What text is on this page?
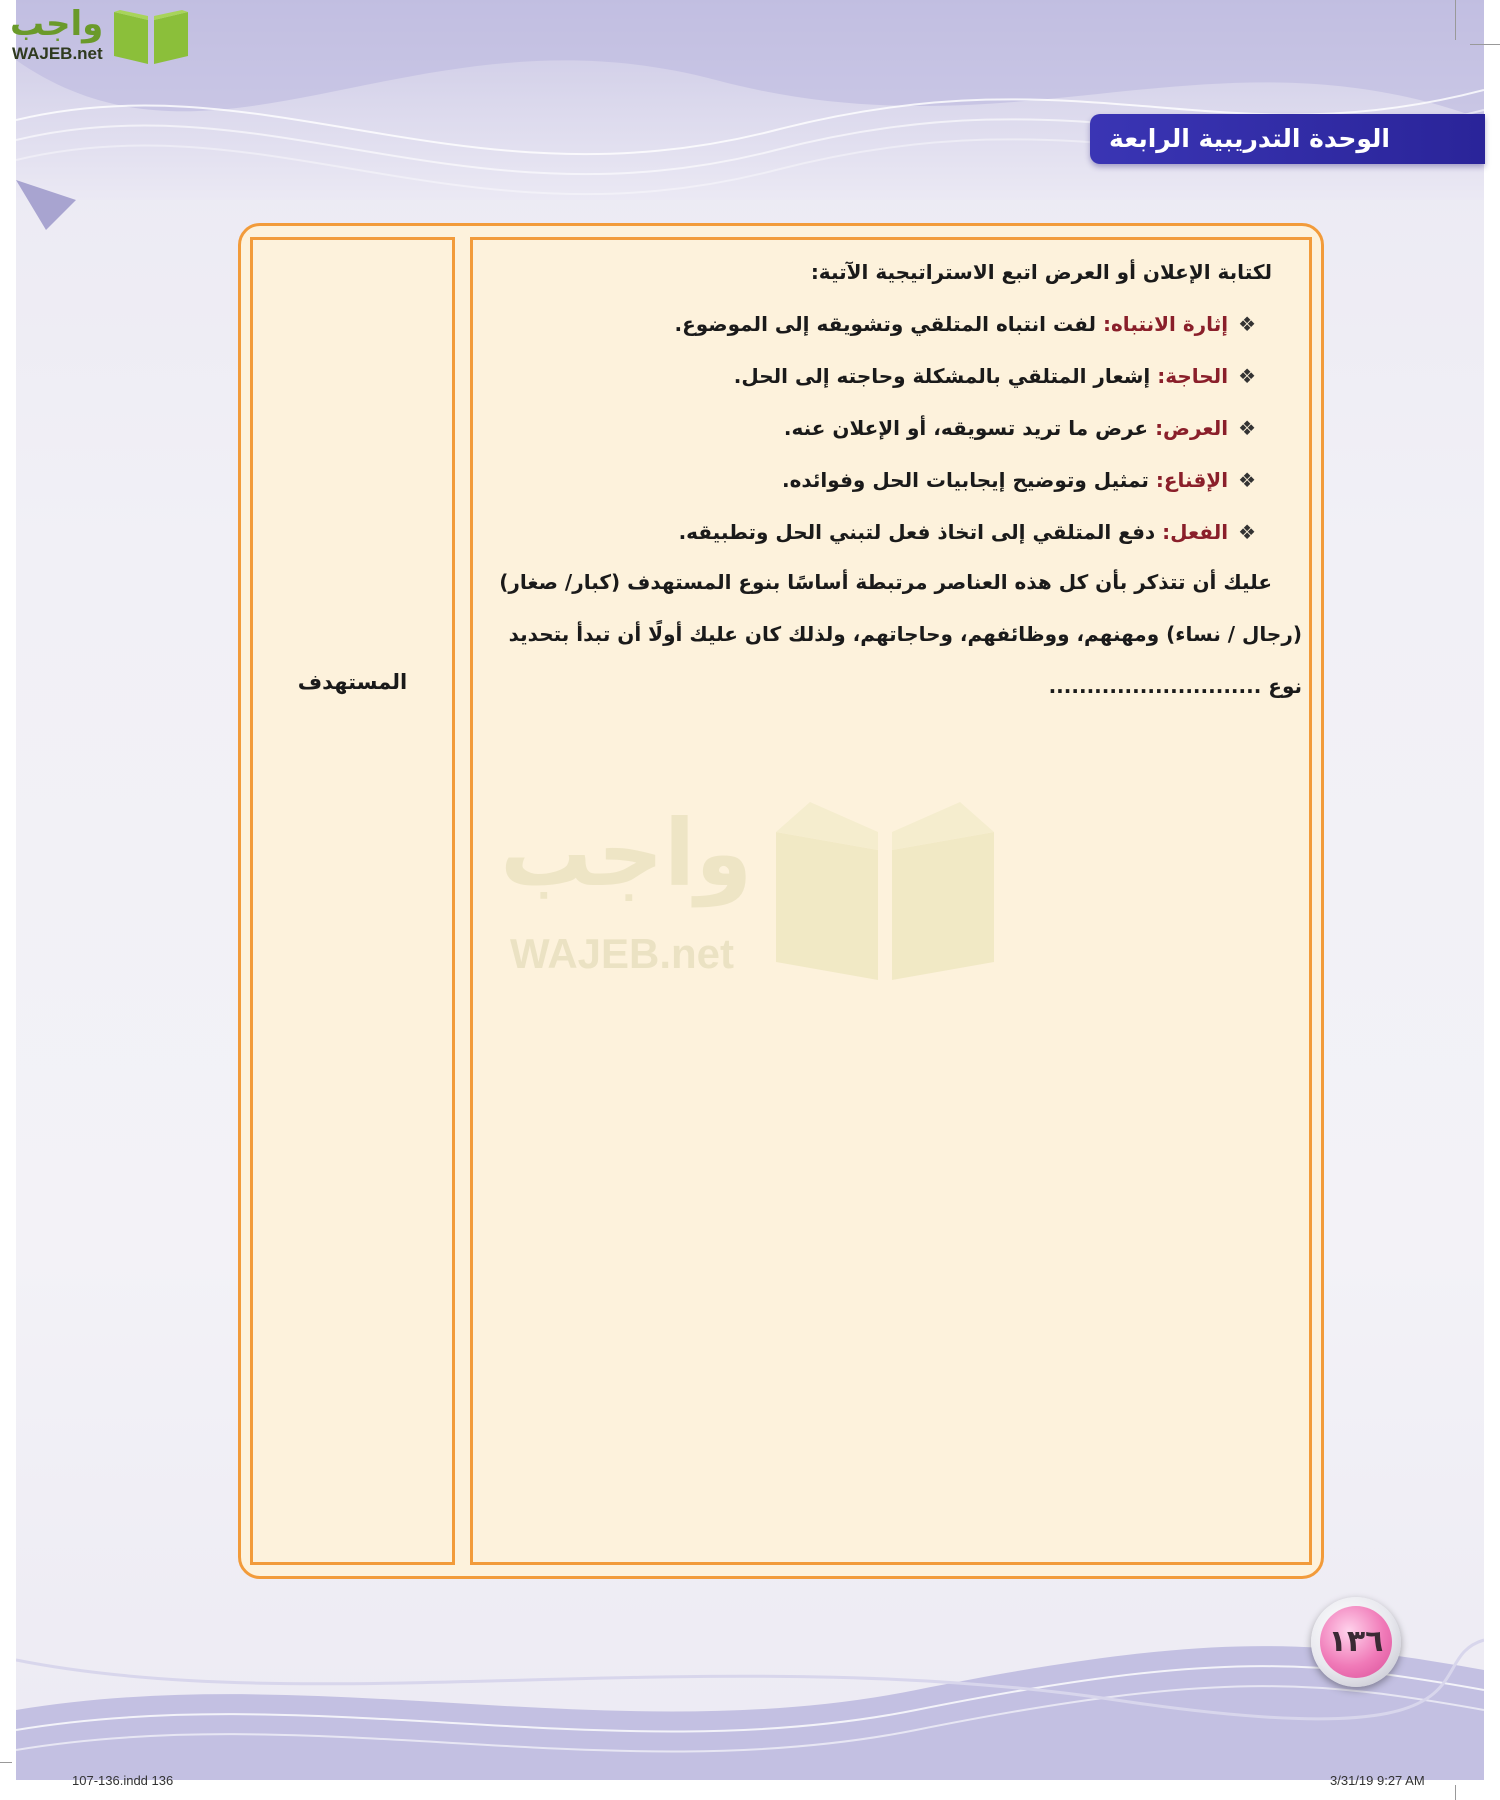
واجب
WAJEB.net
الوحدة التدريبية الرابعة
المستهدف
واجب
WAJEB.net
لكتابة الإعلان أو العرض اتبع الاستراتيجية الآتية:
❖إثارة الانتباه: لفت انتباه المتلقي وتشويقه إلى الموضوع.
❖الحاجة: إشعار المتلقي بالمشكلة وحاجته إلى الحل.
❖العرض: عرض ما تريد تسويقه، أو الإعلان عنه.
❖الإقناع: تمثيل وتوضيح إيجابيات الحل وفوائده.
❖الفعل: دفع المتلقي إلى اتخاذ فعل لتبني الحل وتطبيقه.
عليك أن تتذكر بأن كل هذه العناصر مرتبطة أساسًا بنوع المستهدف (كبار/ صغار)
(رجال / نساء) ومهنهم، ووظائفهم، وحاجاتهم، ولذلك كان عليك أولًا أن تبدأ بتحديد
نوع ............................
١٣٦
107-136.indd 136	3/31/19 9:27 AM
